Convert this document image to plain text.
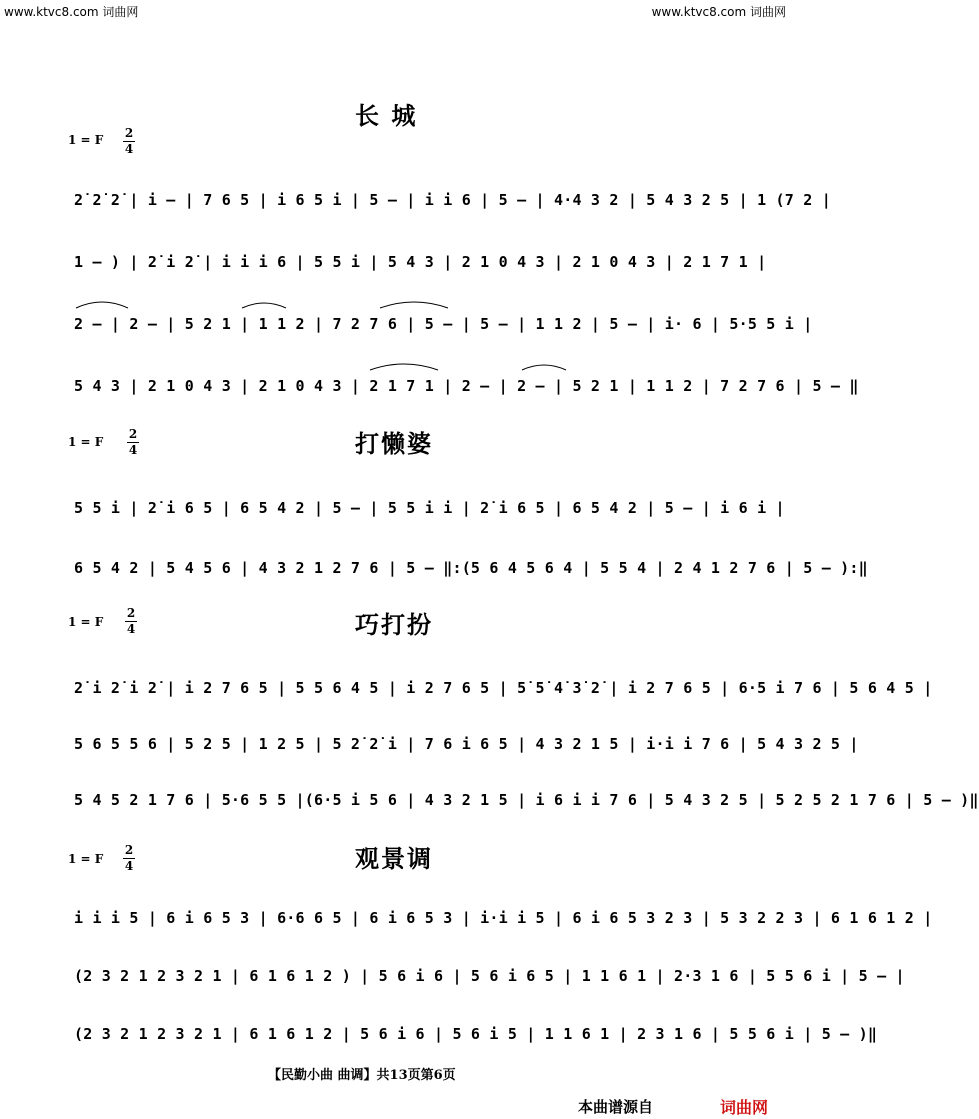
www.ktvc8.com 词曲网	www.ktvc8.com 词曲网
长 城
1 = F 2
4
2̇ 2̇ 2̇ | i – | 7 6 5 | i 6 5 i | 5 – | i i 6 | 5 – | 4·4 3 2 | 5 4 3 2 5 | 1 (7 2 |
1 – ) | 2̇ i 2̇ | i i i 6 | 5 5 i | 5 4 3 | 2 1 0 4 3 | 2 1 0 4 3 | 2 1 7 1 |
2 – | 2 – | 5 2 1 | 1 1 2 | 7 2 7 6 | 5 – | 5 – | 1 1 2 | 5 – | i· 6 | 5·5 5 i |
5 4 3 | 2 1 0 4 3 | 2 1 0 4 3 | 2 1 7 1 | 2 – | 2 – | 5 2 1 | 1 1 2 | 7 2 7 6 | 5 – ‖
打懒婆
1 = F
2
4
5 5 i | 2̇ i 6 5 | 6 5 4 2 | 5 – | 5 5 i i | 2̇ i 6 5 | 6 5 4 2 | 5 – | i 6 i |
6 5 4 2 | 5 4 5 6 | 4 3 2 1 2 7 6 | 5 – ‖:(5 6 4 5 6 4 | 5 5 4 | 2 4 1 2 7 6 | 5 – ):‖
巧打扮
1 = F
2
4
2̇ i 2̇ i 2̇ | i 2 7 6 5 | 5 5 6 4 5 | i 2 7 6 5 | 5̇ 5̇ 4̇ 3̇ 2̇ | i 2 7 6 5 | 6·5 i 7 6 | 5 6 4 5 |
5 6 5 5 6 | 5 2 5 | 1 2 5 | 5 2̇ 2̇ i | 7 6 i 6 5 | 4 3 2 1 5 | i·i i 7 6 | 5 4 3 2 5 |
5 4 5 2 1 7 6 | 5·6 5 5 |(6·5 i 5 6 | 4 3 2 1 5 | i 6 i i 7 6 | 5 4 3 2 5 | 5 2 5 2 1 7 6 | 5 – )‖
观景调
1 = F
2
4
i i i 5 | 6 i 6 5 3 | 6·6 6 5 | 6 i 6 5 3 | i·i i 5 | 6 i 6 5 3 2 3 | 5 3 2 2 3 | 6 1 6 1 2 |
(2 3 2 1 2 3 2 1 | 6 1 6 1 2 ) | 5 6 i 6 | 5 6 i 6 5 | 1 1 6 1 | 2·3 1 6 | 5 5 6 i | 5 – |
(2 3 2 1 2 3 2 1 | 6 1 6 1 2 | 5 6 i 6 | 5 6 i 5 | 1 1 6 1 | 2 3 1 6 | 5 5 6 i | 5 – )‖
【民勤小曲 曲调】共13页第6页
本曲谱源自	词曲网
